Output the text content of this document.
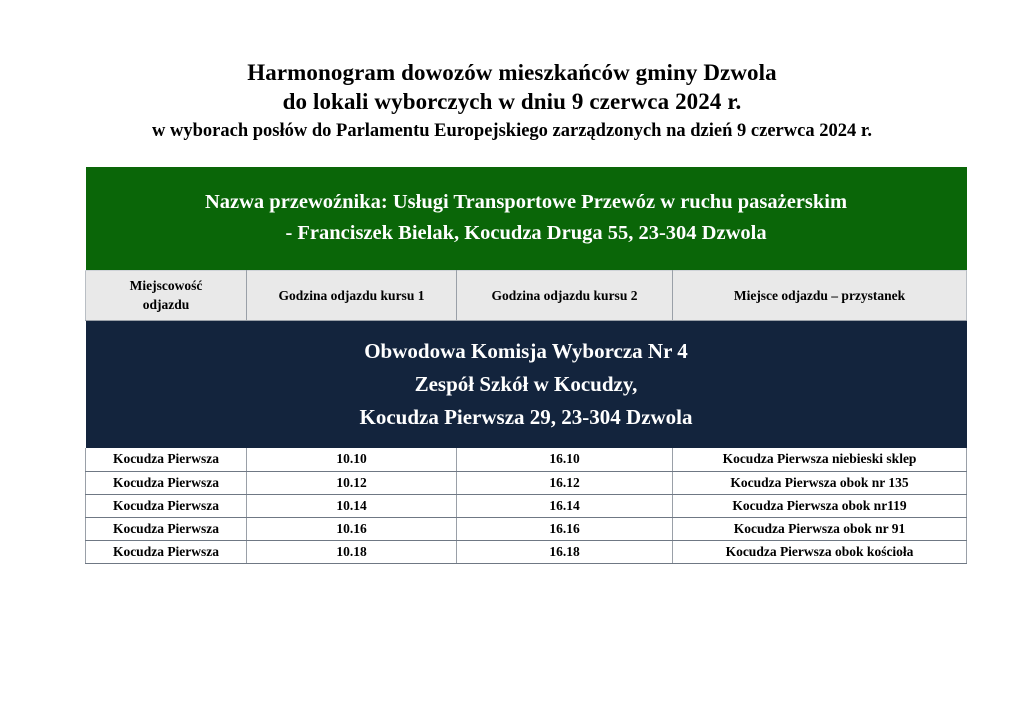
Harmonogram dowozów mieszkańców gminy Dzwola
do lokali wyborczych w dniu 9 czerwca 2024 r.
w wyborach posłów do Parlamentu Europejskiego zarządzonych na dzień 9 czerwca 2024 r.
Nazwa przewoźnika: Usługi Transportowe Przewóz w ruchu pasażerskim
- Franciszek Bielak, Kocudza Druga 55, 23-304 Dzwola			

Miejscowość
odjazdu	Godzina odjazdu kursu 1	Godzina odjazdu kursu 2	Miejsce odjazdu – przystanek

Obwodowa Komisja Wyborcza Nr 4
Zespół Szkół w Kocudzy,
Kocudza Pierwsza 29, 23-304 Dzwola			

Kocudza Pierwsza	10.10	16.10	Kocudza Pierwsza niebieski sklep
Kocudza Pierwsza	10.12	16.12	Kocudza Pierwsza obok nr 135
Kocudza Pierwsza	10.14	16.14	Kocudza Pierwsza obok nr119
Kocudza Pierwsza	10.16	16.16	Kocudza Pierwsza obok nr 91
Kocudza Pierwsza	10.18	16.18	Kocudza Pierwsza obok kościoła
